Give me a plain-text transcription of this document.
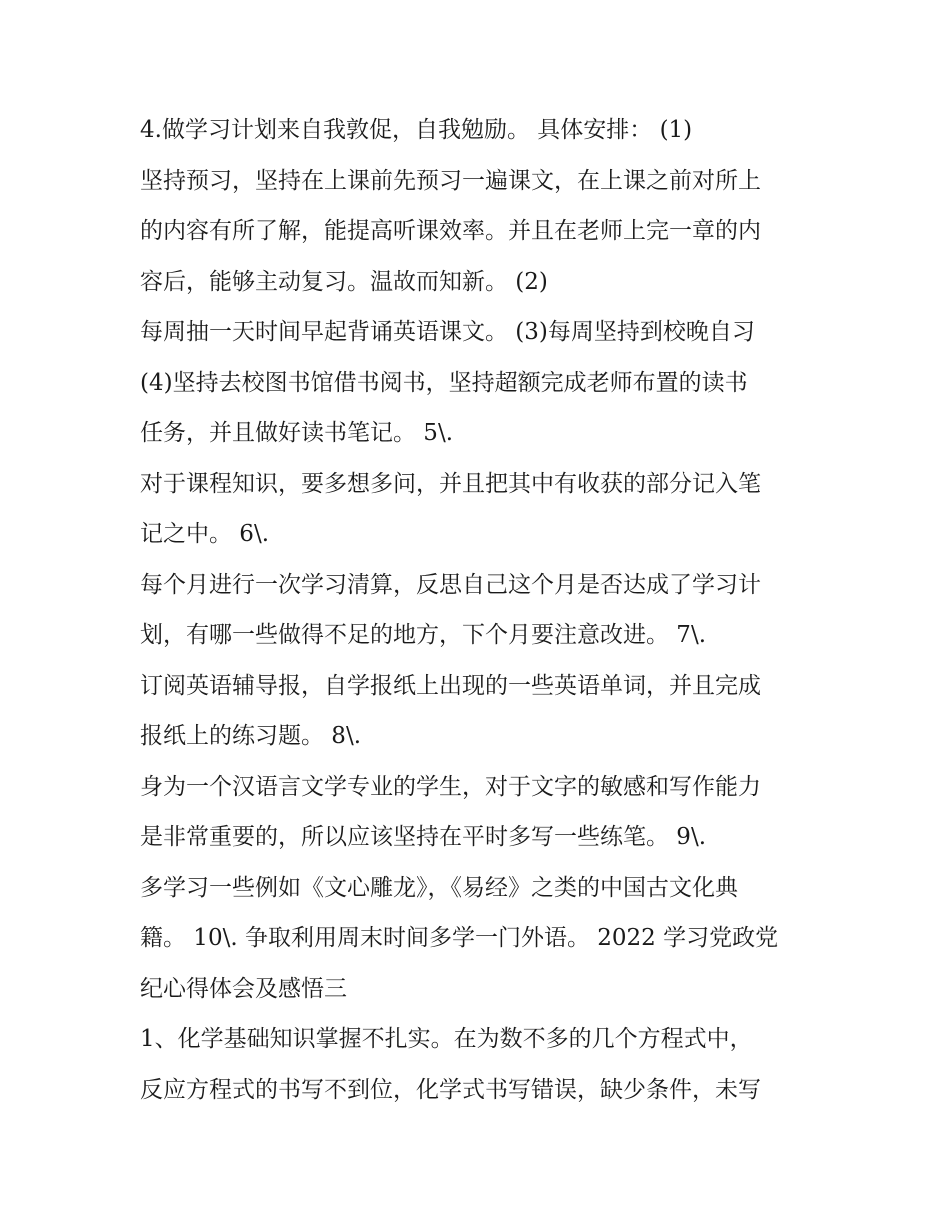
4.做学习计划来自我敦促，自我勉励。 具体安排： (1)
坚持预习，坚持在上课前先预习一遍课文，在上课之前对所上
的内容有所了解，能提高听课效率。并且在老师上完一章的内
容后，能够主动复习。温故而知新。 (2)
每周抽一天时间早起背诵英语课文。 (3)每周坚持到校晚自习
(4)坚持去校图书馆借书阅书，坚持超额完成老师布置的读书
任务，并且做好读书笔记。 5\.
对于课程知识，要多想多问，并且把其中有收获的部分记入笔
记之中。 6\.
每个月进行一次学习清算，反思自己这个月是否达成了学习计
划，有哪一些做得不足的地方，下个月要注意改进。 7\.
订阅英语辅导报，自学报纸上出现的一些英语单词，并且完成
报纸上的练习题。 8\.
身为一个汉语言文学专业的学生，对于文字的敏感和写作能力
是非常重要的，所以应该坚持在平时多写一些练笔。 9\.
多学习一些例如《文心雕龙》，《易经》之类的中国古文化典
籍。 10\. 争取利用周末时间多学一门外语。 2022 学习党政党
纪心得体会及感悟三
1、化学基础知识掌握不扎实。在为数不多的几个方程式中，
反应方程式的书写不到位，化学式书写错误，缺少条件，未写
